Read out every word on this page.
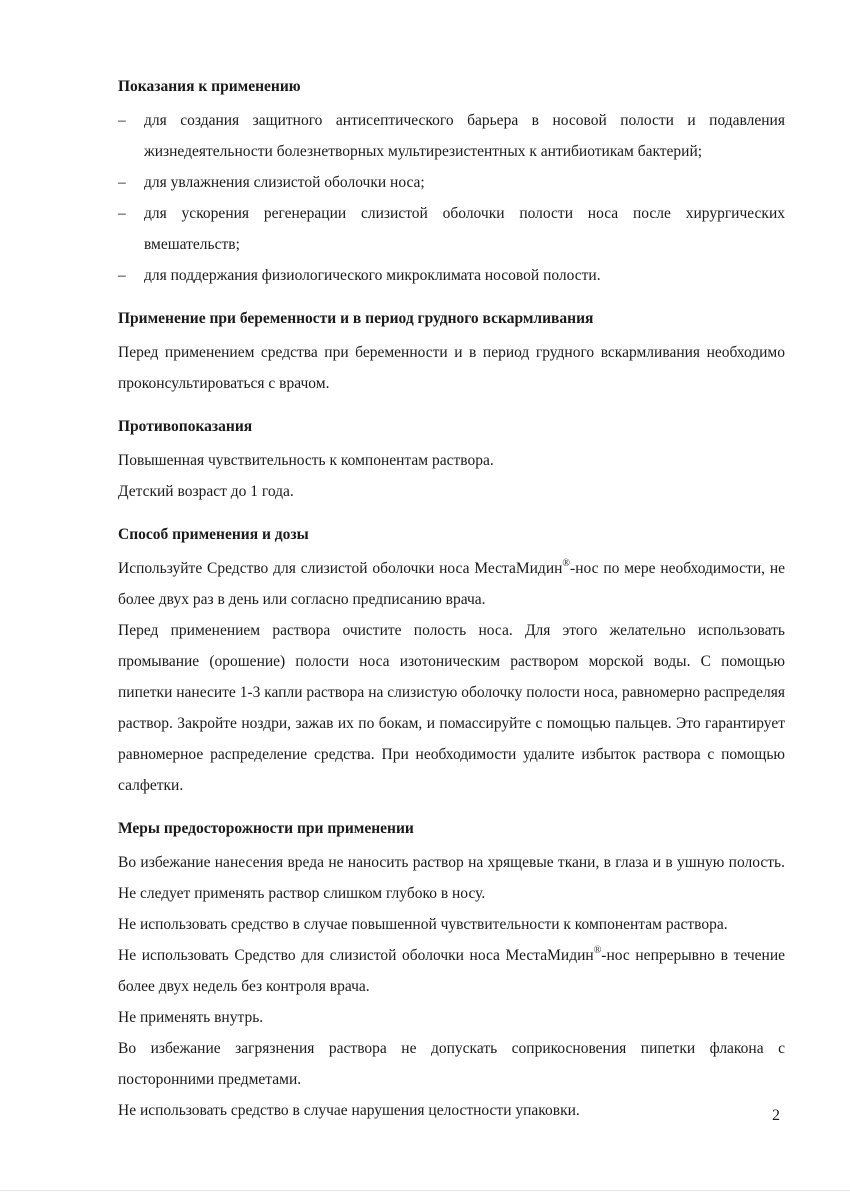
Показания к применению
– для создания защитного антисептического барьера в носовой полости и подавления жизнедеятельности болезнетворных мультирезистентных к антибиотикам бактерий;
– для увлажнения слизистой оболочки носа;
– для ускорения регенерации слизистой оболочки полости носа после хирургических вмешательств;
– для поддержания физиологического микроклимата носовой полости.
Применение при беременности и в период грудного вскармливания

Перед применением средства при беременности и в период грудного вскармливания необходимо проконсультироваться с врачом.

Противопоказания

Повышенная чувствительность к компонентам раствора.

Детский возраст до 1 года.

Способ применения и дозы

Используйте Средство для слизистой оболочки носа МестаМидин®-нос по мере необходимости, не более двух раз в день или согласно предписанию врача.

Перед применением раствора очистите полость носа. Для этого желательно использовать промывание (орошение) полости носа изотоническим раствором морской воды. С помощью пипетки нанесите 1-3 капли раствора на слизистую оболочку полости носа, равномерно распределяя раствор. Закройте ноздри, зажав их по бокам, и помассируйте с помощью пальцев. Это гарантирует равномерное распределение средства. При необходимости удалите избыток раствора с помощью салфетки.

Меры предосторожности при применении

Во избежание нанесения вреда не наносить раствор на хрящевые ткани, в глаза и в ушную полость. Не следует применять раствор слишком глубоко в носу.

Не использовать средство в случае повышенной чувствительности к компонентам раствора.

Не использовать Средство для слизистой оболочки носа МестаМидин®-нос непрерывно в течение более двух недель без контроля врача.

Не применять внутрь.

Во избежание загрязнения раствора не допускать соприкосновения пипетки флакона с посторонними предметами.

Не использовать средство в случае нарушения целостности упаковки.	2
